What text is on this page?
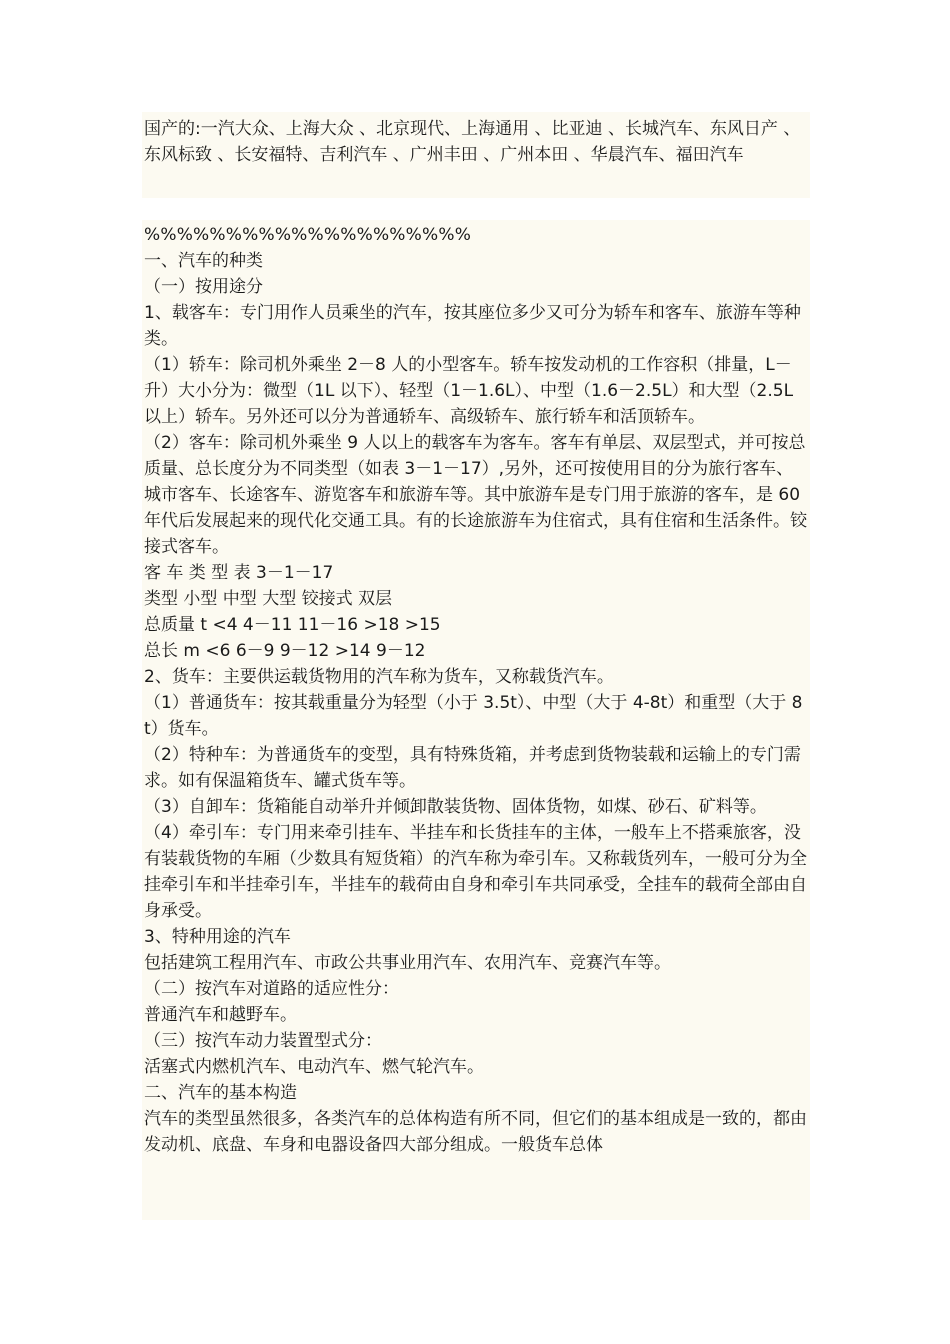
国产的:一汽大众、上海大众 、北京现代、上海通用 、比亚迪 、长城汽车、东风日产 、东风标致 、长安福特、吉利汽车 、广州丰田 、广州本田 、华晨汽车、福田汽车
%%%%%%%%%%%%%%%%%%%%
一、汽车的种类
（一）按用途分
1、载客车：专门用作人员乘坐的汽车，按其座位多少又可分为轿车和客车、旅游车等种类。
（1）轿车：除司机外乘坐 2－8 人的小型客车。轿车按发动机的工作容积（排量，L－升）大小分为：微型（1L 以下）、轻型（1－1.6L）、中型（1.6－2.5L）和大型（2.5L 以上）轿车。另外还可以分为普通轿车、高级轿车、旅行轿车和活顶轿车。
（2）客车：除司机外乘坐 9 人以上的载客车为客车。客车有单层、双层型式，并可按总质量、总长度分为不同类型（如表 3－1－17）,另外，还可按使用目的分为旅行客车、城市客车、长途客车、游览客车和旅游车等。其中旅游车是专门用于旅游的客车，是 60 年代后发展起来的现代化交通工具。有的长途旅游车为住宿式，具有住宿和生活条件。铰接式客车。
客 车 类 型 表 3－1－17
类型 小型 中型 大型 铰接式 双层
总质量 t <4 4－11 11－16 >18 >15
总长 m <6 6－9 9－12 >14 9－12
2、货车：主要供运载货物用的汽车称为货车，又称载货汽车。
（1）普通货车：按其载重量分为轻型（小于 3.5t）、中型（大于 4-8t）和重型（大于 8t）货车。
（2）特种车：为普通货车的变型，具有特殊货箱，并考虑到货物装载和运输上的专门需求。如有保温箱货车、罐式货车等。
（3）自卸车：货箱能自动举升并倾卸散装货物、固体货物，如煤、砂石、矿料等。
（4）牵引车：专门用来牵引挂车、半挂车和长货挂车的主体，一般车上不搭乘旅客，没有装载货物的车厢（少数具有短货箱）的汽车称为牵引车。又称载货列车，一般可分为全挂牵引车和半挂牵引车，半挂车的载荷由自身和牵引车共同承受，全挂车的载荷全部由自身承受。
3、特种用途的汽车
包括建筑工程用汽车、市政公共事业用汽车、农用汽车、竞赛汽车等。
（二）按汽车对道路的适应性分：
普通汽车和越野车。
（三）按汽车动力装置型式分：
活塞式内燃机汽车、电动汽车、燃气轮汽车。
二、汽车的基本构造
汽车的类型虽然很多，各类汽车的总体构造有所不同，但它们的基本组成是一致的，都由发动机、底盘、车身和电器设备四大部分组成。一般货车总体
